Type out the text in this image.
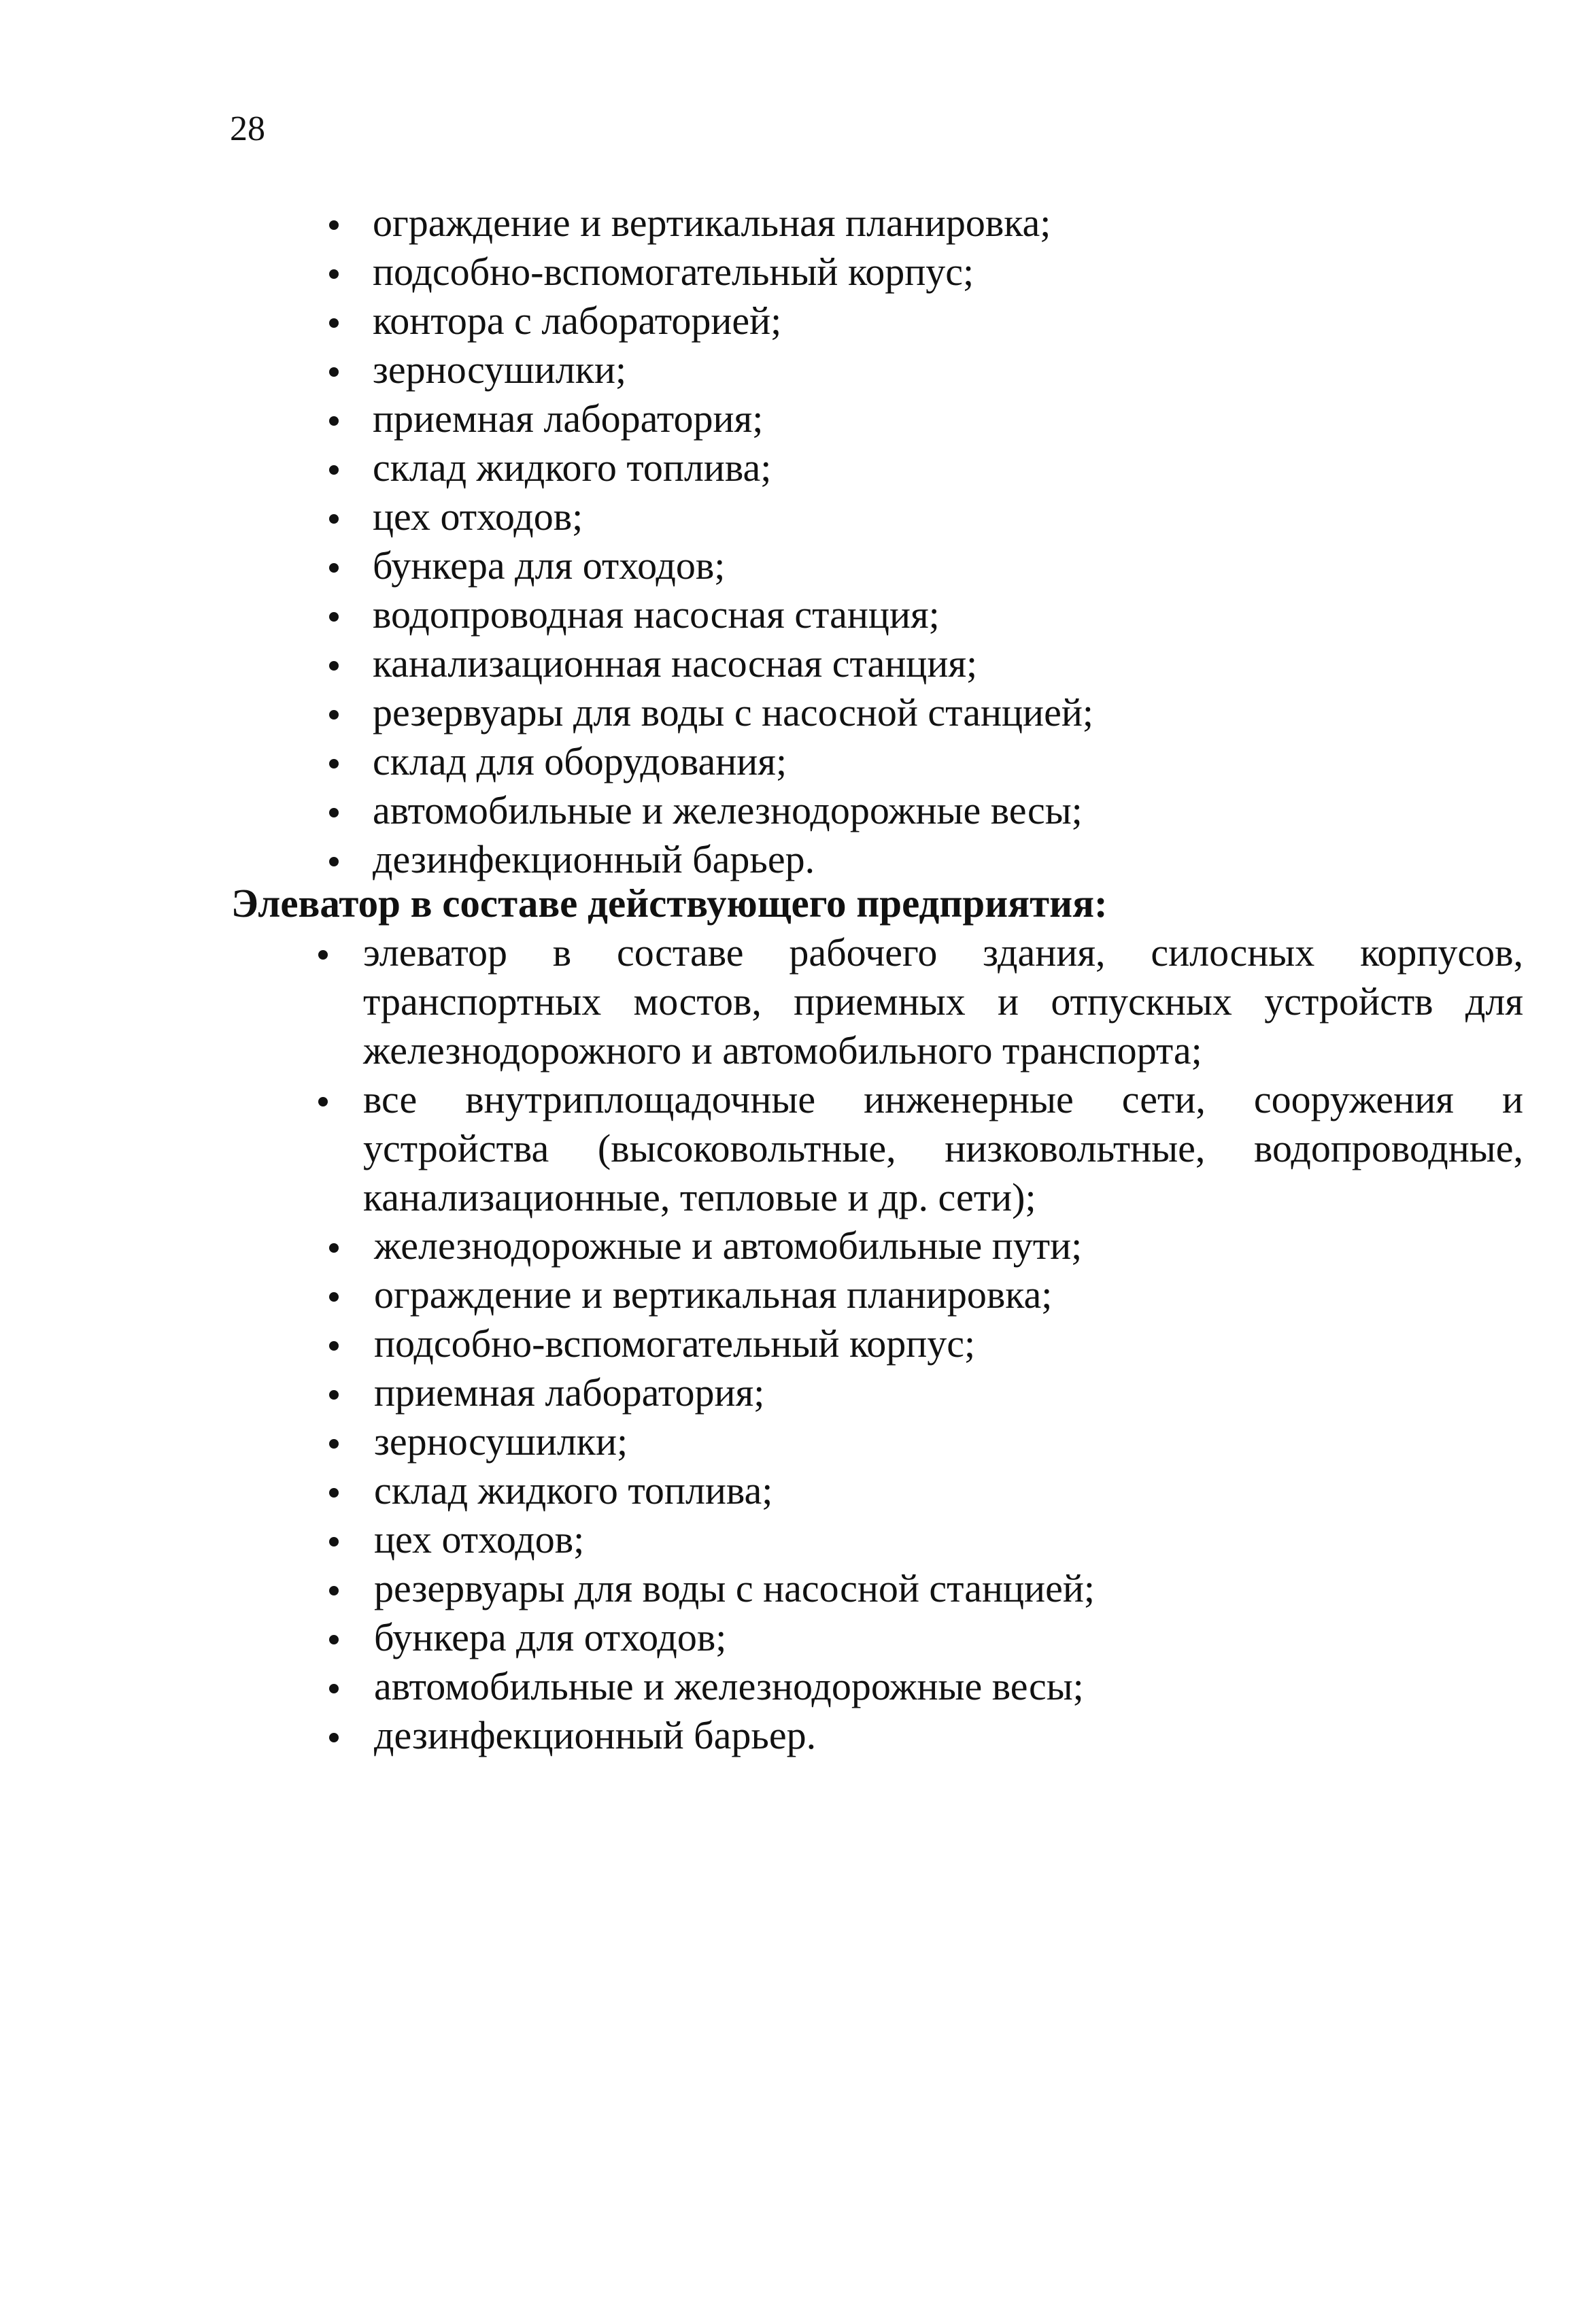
28
ограждение и вертикальная планировка;
подсобно-вспомогательный корпус;
контора с лабораторией;
зерносушилки;
приемная лаборатория;
склад жидкого топлива;
цех отходов;
бункера для отходов;
водопроводная насосная станция;
канализационная насосная станция;
резервуары для воды с насосной станцией;
склад для оборудования;
автомобильные и железнодорожные весы;
дезинфекционный барьер.
Элеватор в составе действующего предприятия:
элеватор в составе рабочего здания, силосных корпусов, транспортных мостов, приемных и отпускных устройств для железнодорожного и автомобильного транспорта;
все внутриплощадочные инженерные сети, сооружения и устройства (высоковольтные, низковольтные, водопроводные, канализационные, тепловые и др. сети);
железнодорожные и автомобильные пути;
ограждение и вертикальная планировка;
подсобно-вспомогательный корпус;
приемная лаборатория;
зерносушилки;
склад жидкого топлива;
цех отходов;
резервуары для воды с насосной станцией;
бункера для отходов;
автомобильные и железнодорожные весы;
дезинфекционный барьер.
